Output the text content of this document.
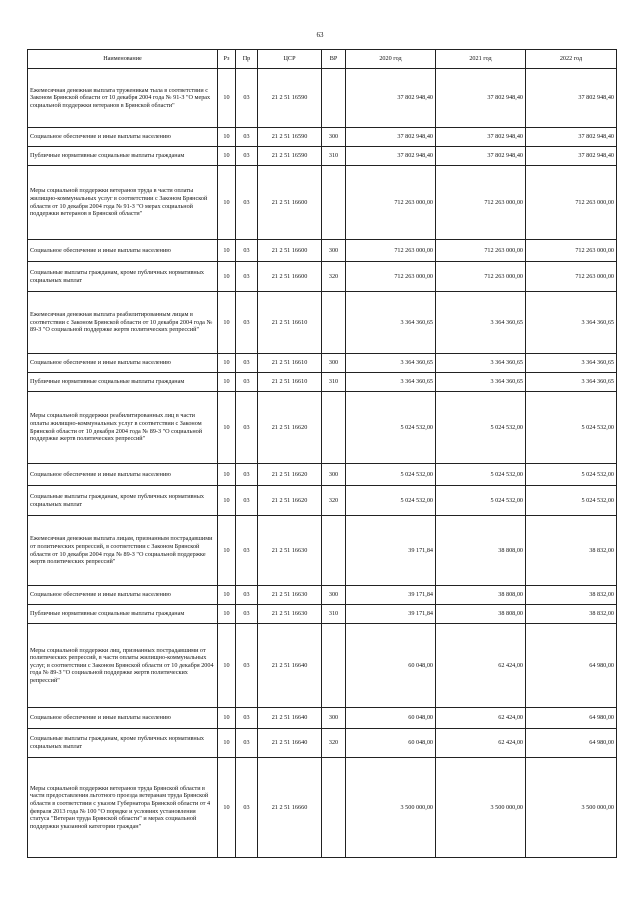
63
Наименование	Рз	Пр	ЦСР	ВР	2020 год	2021 год	2022 год
Ежемесячная денежная выплата труженикам тыла в соответствии с Законом Брянской области от 10 декабря 2004 года № 91-З "О мерах социальной поддержки ветеранов в Брянской области"	10	03	21 2 51 16590		37 802 948,40	37 802 948,40	37 802 948,40
Социальное обеспечение и иные выплаты населению	10	03	21 2 51 16590	300	37 802 948,40	37 802 948,40	37 802 948,40
Публичные нормативные социальные выплаты гражданам	10	03	21 2 51 16590	310	37 802 948,40	37 802 948,40	37 802 948,40
Меры социальной поддержки ветеранов труда в части оплаты жилищно-коммунальных услуг в соответствии с Законом Брянской области от 10 декабря 2004 года № 91-З "О мерах социальной поддержки ветеранов в Брянской области"	10	03	21 2 51 16600		712 263 000,00	712 263 000,00	712 263 000,00
Социальное обеспечение и иные выплаты населению	10	03	21 2 51 16600	300	712 263 000,00	712 263 000,00	712 263 000,00
Социальные выплаты гражданам, кроме публичных нормативных социальных выплат	10	03	21 2 51 16600	320	712 263 000,00	712 263 000,00	712 263 000,00
Ежемесячная денежная выплата реабилитированным лицам в соответствии с Законом Брянской области от 10 декабря 2004 года № 89-З "О социальной поддержке жертв политических репрессий"	10	03	21 2 51 16610		3 364 360,65	3 364 360,65	3 364 360,65
Социальное обеспечение и иные выплаты населению	10	03	21 2 51 16610	300	3 364 360,65	3 364 360,65	3 364 360,65
Публичные нормативные социальные выплаты гражданам	10	03	21 2 51 16610	310	3 364 360,65	3 364 360,65	3 364 360,65
Меры социальной поддержки реабилитированных лиц в части оплаты жилищно-коммунальных услуг в соответствии с Законом Брянской области от 10 декабря 2004 года № 89-З "О социальной поддержке жертв политических репрессий"	10	03	21 2 51 16620		5 024 532,00	5 024 532,00	5 024 532,00
Социальное обеспечение и иные выплаты населению	10	03	21 2 51 16620	300	5 024 532,00	5 024 532,00	5 024 532,00
Социальные выплаты гражданам, кроме публичных нормативных социальных выплат	10	03	21 2 51 16620	320	5 024 532,00	5 024 532,00	5 024 532,00
Ежемесячная денежная выплата лицам, признанным пострадавшими от политических репрессий, в соответствии с Законом Брянской области от 10 декабря 2004 года № 89-З "О социальной поддержке жертв политических репрессий"	10	03	21 2 51 16630		39 171,84	38 808,00	38 832,00
Социальное обеспечение и иные выплаты населению	10	03	21 2 51 16630	300	39 171,84	38 808,00	38 832,00
Публичные нормативные социальные выплаты гражданам	10	03	21 2 51 16630	310	39 171,84	38 808,00	38 832,00
Меры социальной поддержки лиц, признанных пострадавшими от политических репрессий, в части оплаты жилищно-коммунальных услуг, в соответствии с Законом Брянской области от 10 декабря 2004 года № 89-З "О социальной поддержке жертв политических репрессий"	10	03	21 2 51 16640		60 048,00	62 424,00	64 980,00
Социальное обеспечение и иные выплаты населению	10	03	21 2 51 16640	300	60 048,00	62 424,00	64 980,00
Социальные выплаты гражданам, кроме публичных нормативных социальных выплат	10	03	21 2 51 16640	320	60 048,00	62 424,00	64 980,00
Меры социальной поддержки ветеранов труда Брянской области в части предоставления льготного проезда ветеранам труда Брянской области в соответствии с указом Губернатора Брянской области от 4 февраля 2013 года № 100 "О порядке и условиях установления статуса "Ветеран труда Брянской области" и мерах социальной поддержки указанной категории граждан"	10	03	21 2 51 16660		3 500 000,00	3 500 000,00	3 500 000,00
